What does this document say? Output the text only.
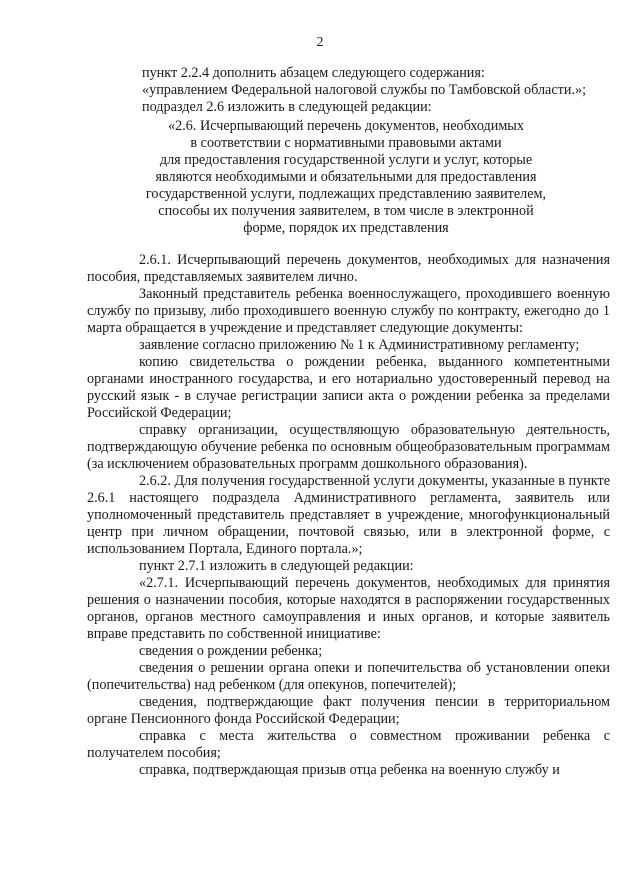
2

пункт 2.2.4 дополнить абзацем следующего содержания:

«управлением Федеральной налоговой службы по Тамбовской области.»;

подраздел 2.6 изложить в следующей редакции:

«2.6. Исчерпывающий перечень документов, необходимых

в соответствии с нормативными правовыми актами

для предоставления государственной услуги и услуг, которые

являются необходимыми и обязательными для предоставления

государственной услуги, подлежащих представлению заявителем,

способы их получения заявителем, в том числе в электронной

форме, порядок их представления

2.6.1. Исчерпывающий перечень документов, необходимых для назначения пособия, представляемых заявителем лично.

Законный представитель ребенка военнослужащего, проходившего военную службу по призыву, либо проходившего военную службу по контракту, ежегодно до 1 марта обращается в учреждение и представляет следующие документы:

заявление согласно приложению № 1 к Административному регламенту;

копию свидетельства о рождении ребенка, выданного компетентными органами иностранного государства, и его нотариально удостоверенный перевод на русский язык - в случае регистрации записи акта о рождении ребенка за пределами Российской Федерации;

справку организации, осуществляющую образовательную деятельность, подтверждающую обучение ребенка по основным общеобразовательным программам (за исключением образовательных программ дошкольного образования).

2.6.2. Для получения государственной услуги документы, указанные в пункте 2.6.1 настоящего подраздела Административного регламента, заявитель или уполномоченный представитель представляет в учреждение, многофункциональный центр при личном обращении, почтовой связью, или в электронной форме, с использованием Портала, Единого портала.»;

пункт 2.7.1 изложить в следующей редакции:

«2.7.1. Исчерпывающий перечень документов, необходимых для принятия решения о назначении пособия, которые находятся в распоряжении государственных органов, органов местного самоуправления и иных органов, и которые заявитель вправе представить по собственной инициативе:

сведения о рождении ребенка;

сведения о решении органа опеки и попечительства об установлении опеки (попечительства) над ребенком (для опекунов, попечителей);

сведения, подтверждающие факт получения пенсии в территориальном органе Пенсионного фонда Российской Федерации;

справка с места жительства о совместном проживании ребенка с получателем пособия;

справка, подтверждающая призыв отца ребенка на военную службу и
